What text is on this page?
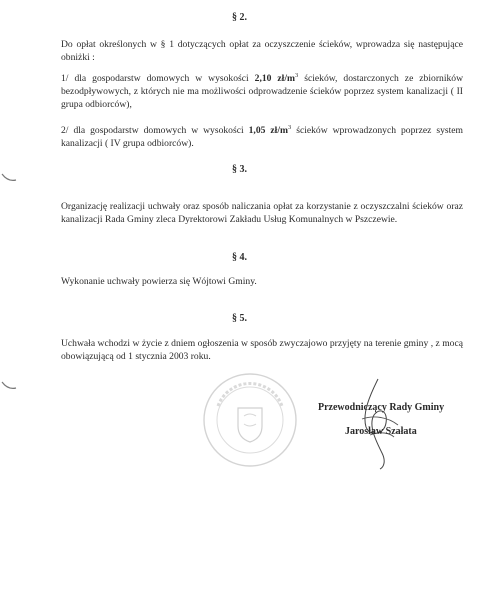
§ 2.
Do opłat określonych w § 1 dotyczących opłat za oczyszczenie ścieków, wprowadza się następujące obniżki :
1/ dla gospodarstw domowych w wysokości 2,10 $zł/m^3$ ścieków, dostarczonych ze zbiorników bezodpływowych, z których nie ma możliwości odprowadzenie ścieków poprzez system kanalizacji ( II grupa odbiorców),
2/ dla gospodarstw domowych w wysokości 1,05 $zł/m^3$ ścieków wprowadzonych poprzez system kanalizacji ( IV grupa odbiorców).
§ 3.
Organizację realizacji uchwały oraz sposób naliczania opłat za korzystanie z oczyszczalni ścieków oraz kanalizacji Rada Gminy zleca Dyrektorowi Zakładu Usług Komunalnych w Pszczewie.
§ 4.
Wykonanie uchwały powierza się Wójtowi Gminy.
§ 5.
Uchwała wchodzi w życie z dniem ogłoszenia w sposób zwyczajowo przyjęty na terenie gminy , z mocą obowiązującą od 1 stycznia 2003 roku.
Przewodniczący Rady Gminy
Jarosław Szałata
